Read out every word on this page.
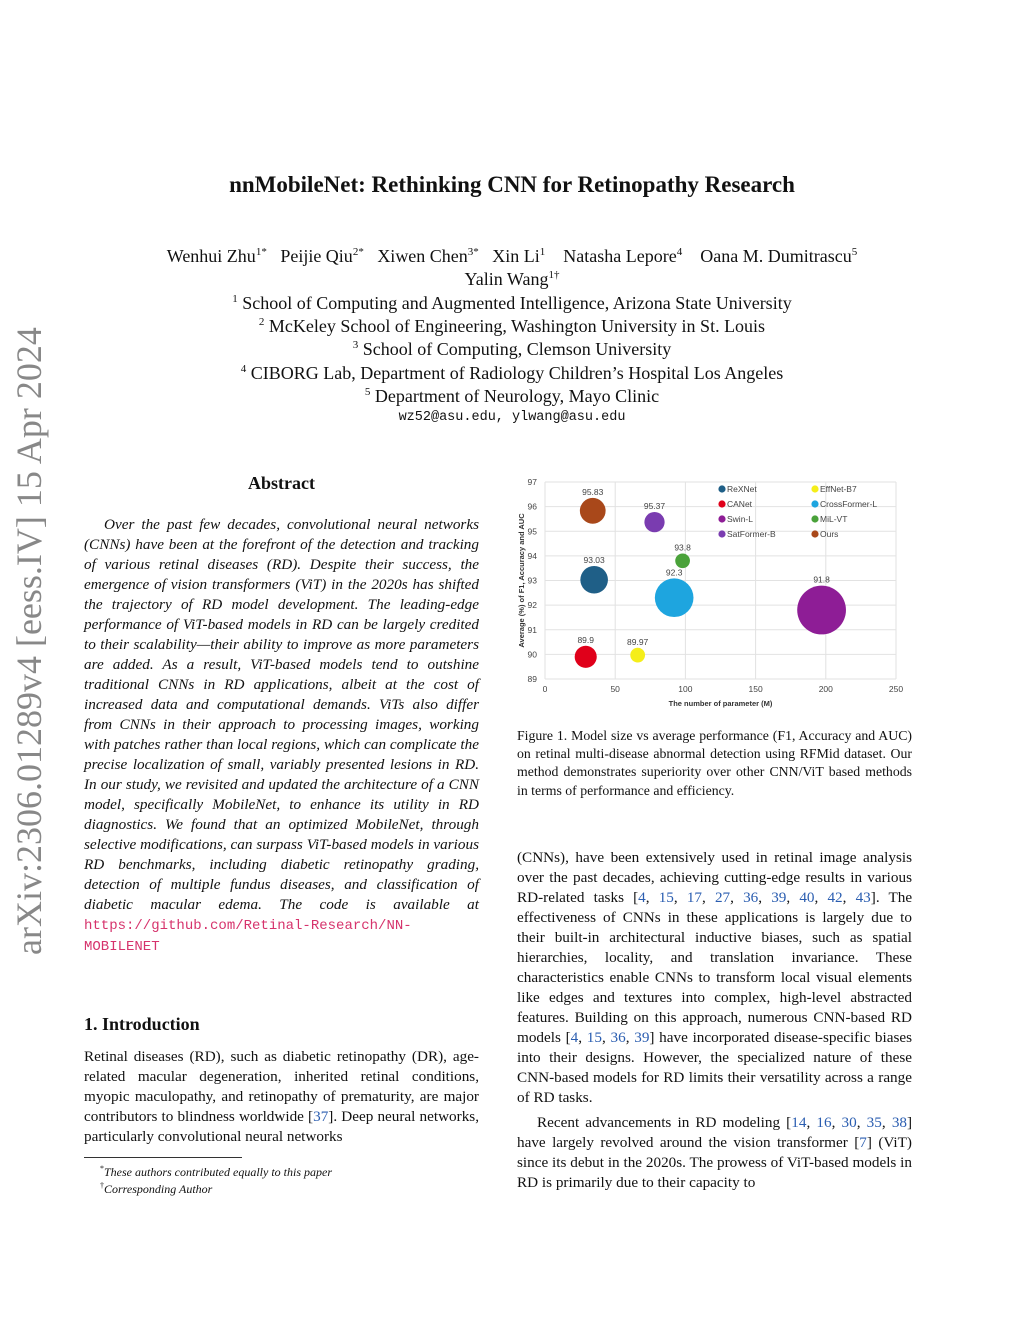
arXiv:2306.01289v4 [eess.IV] 15 Apr 2024
nnMobileNet: Rethinking CNN for Retinopathy Research
Wenhui Zhu$^{1*}$ Peijie Qiu$^{2*}$ Xiwen Chen$^{3*}$ Xin Li$^1$ Natasha Lepore$^4$ Oana M. Dumitrascu$^5$
Yalin Wang$^{1\dagger}$
$^1$ School of Computing and Augmented Intelligence, Arizona State University
$^2$ McKeley School of Engineering, Washington University in St. Louis
$^3$ School of Computing, Clemson University
$^4$ CIBORG Lab, Department of Radiology Children’s Hospital Los Angeles
$^5$ Department of Neurology, Mayo Clinic
wz52@asu.edu, ylwang@asu.edu
Abstract
Over the past few decades, convolutional neural networks (CNNs) have been at the forefront of the detection and tracking of various retinal diseases (RD). Despite their success, the emergence of vision transformers (ViT) in the 2020s has shifted the trajectory of RD model development. The leading-edge performance of ViT-based models in RD can be largely credited to their scalability—their ability to improve as more parameters are added. As a result, ViT-based models tend to outshine traditional CNNs in RD applications, albeit at the cost of increased data and computational demands. ViTs also differ from CNNs in their approach to processing images, working with patches rather than local regions, which can complicate the precise localization of small, variably presented lesions in RD. In our study, we revisited and updated the architecture of a CNN model, specifically MobileNet, to enhance its utility in RD diagnostics. We found that an optimized MobileNet, through selective modifications, can surpass ViT-based models in various RD benchmarks, including diabetic retinopathy grading, detection of multiple fundus diseases, and classification of diabetic macular edema. The code is available at https://github.com/Retinal-Research/NN-MOBILENET
1. Introduction
Retinal diseases (RD), such as diabetic retinopathy (DR), age-related macular degeneration, inherited retinal conditions, myopic maculopathy, and retinopathy of prematurity, are major contributors to blindness worldwide [37]. Deep neural networks, particularly convolutional neural networks
*These authors contributed equally to this paper
†Corresponding Author
89
90
91
92
93
94
95
96
97
0	50	100	150	200	250
The number of parameter (M)
Average (%) of F1, Accuracy and AUC	93.03
89.97
89.9
92.3
91.8
93.8
95.37
95.83	ReXNet	EffNet-B7
CANet	CrossFormer-L
Swin-L	MiL-VT
SatFormer-B	Ours
Figure 1. Model size vs average performance (F1, Accuracy and AUC) on retinal multi-disease abnormal detection using RFMid dataset. Our method demonstrates superiority over other CNN/ViT based methods in terms of performance and efficiency.
(CNNs), have been extensively used in retinal image analysis over the past decades, achieving cutting-edge results in various RD-related tasks [4, 15, 17, 27, 36, 39, 40, 42, 43]. The effectiveness of CNNs in these applications is largely due to their built-in architectural inductive biases, such as spatial hierarchies, locality, and translation invariance. These characteristics enable CNNs to transform local visual elements like edges and textures into complex, high-level abstracted features. Building on this approach, numerous CNN-based RD models [4, 15, 36, 39] have incorporated disease-specific biases into their designs. However, the specialized nature of these CNN-based models for RD limits their versatility across a range of RD tasks.
Recent advancements in RD modeling [14, 16, 30, 35, 38] have largely revolved around the vision transformer [7] (ViT) since its debut in the 2020s. The prowess of ViT-based models in RD is primarily due to their capacity to
